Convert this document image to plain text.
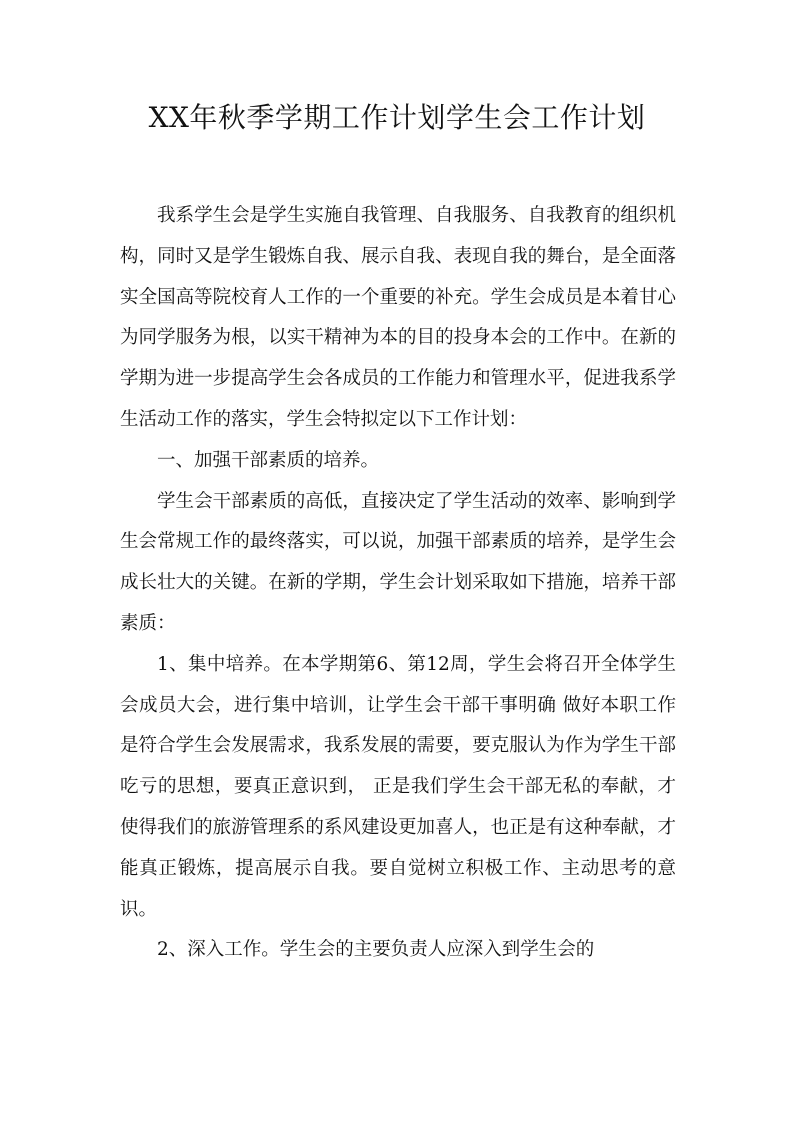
XX年秋季学期工作计划学生会工作计划

我系学生会是学生实施自我管理、自我服务、自我教育的组织机构，同时又是学生锻炼自我、展示自我、表现自我的舞台，是全面落实全国高等院校育人工作的一个重要的补充。学生会成员是本着甘心为同学服务为根，以实干精神为本的目的投身本会的工作中。在新的学期为进一步提高学生会各成员的工作能力和管理水平，促进我系学生活动工作的落实，学生会特拟定以下工作计划：

一、加强干部素质的培养。

学生会干部素质的高低，直接决定了学生活动的效率、影响到学生会常规工作的最终落实，可以说，加强干部素质的培养，是学生会成长壮大的关键。在新的学期，学生会计划采取如下措施，培养干部素质：

1、集中培养。在本学期第6、第12周，学生会将召开全体学生会成员大会，进行集中培训，让学生会干部干事明确 做好本职工作是符合学生会发展需求，我系发展的需要，要克服认为作为学生干部吃亏的思想，要真正意识到， 正是我们学生会干部无私的奉献，才使得我们的旅游管理系的系风建设更加喜人，也正是有这种奉献，才能真正锻炼，提高展示自我。要自觉树立积极工作、主动思考的意识。

2、深入工作。学生会的主要负责人应深入到学生会的
